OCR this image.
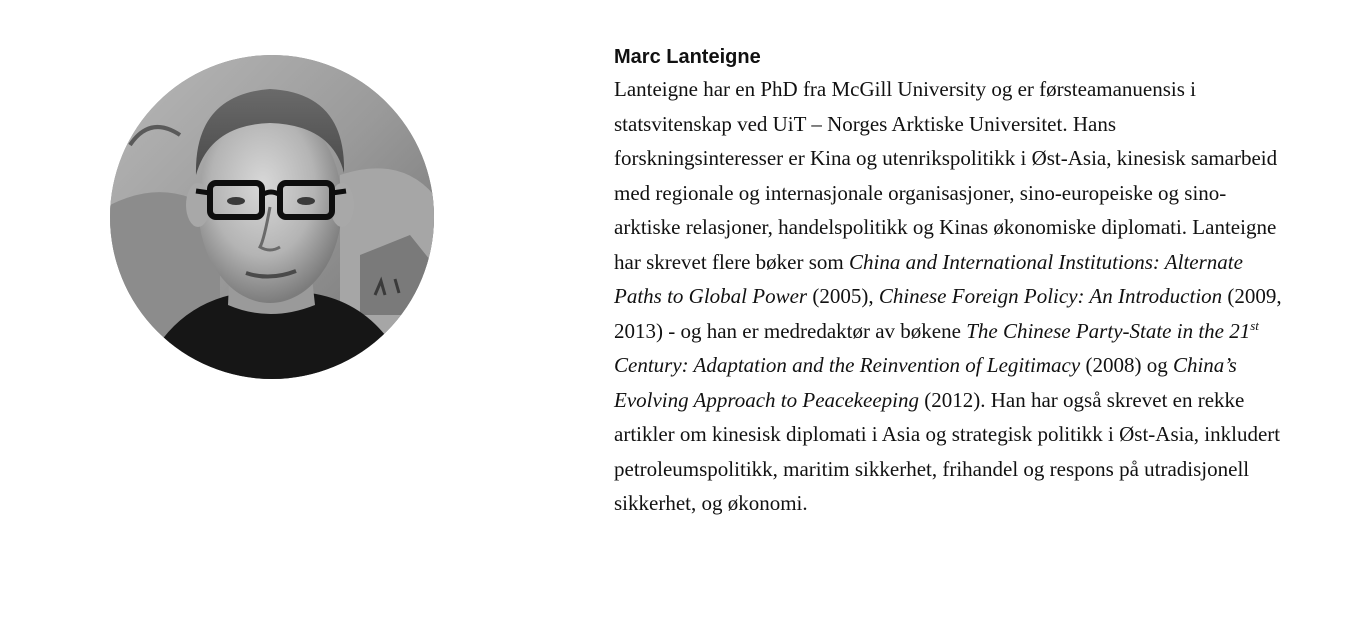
Marc Lanteigne

Lanteigne har en PhD fra McGill University og er førsteamanuensis i statsvitenskap ved UiT – Norges Arktiske Universitet. Hans forskningsinteresser er Kina og utenrikspolitikk i Øst-Asia, kinesisk samarbeid med regionale og internasjonale organisasjoner, sino-europeiske og sino-arktiske relasjoner, handelspolitikk og Kinas økonomiske diplomati. Lanteigne har skrevet flere bøker som China and International Institutions: Alternate Paths to Global Power (2005), Chinese Foreign Policy: An Introduction (2009, 2013) - og han er medredaktør av bøkene The Chinese Party-State in the 21st Century: Adaptation and the Reinvention of Legitimacy (2008) og China’s Evolving Approach to Peacekeeping (2012). Han har også skrevet en rekke artikler om kinesisk diplomati i Asia og strategisk politikk i Øst-Asia, inkludert petroleumspolitikk, maritim sikkerhet, frihandel og respons på utradisjonell sikkerhet, og økonomi.
